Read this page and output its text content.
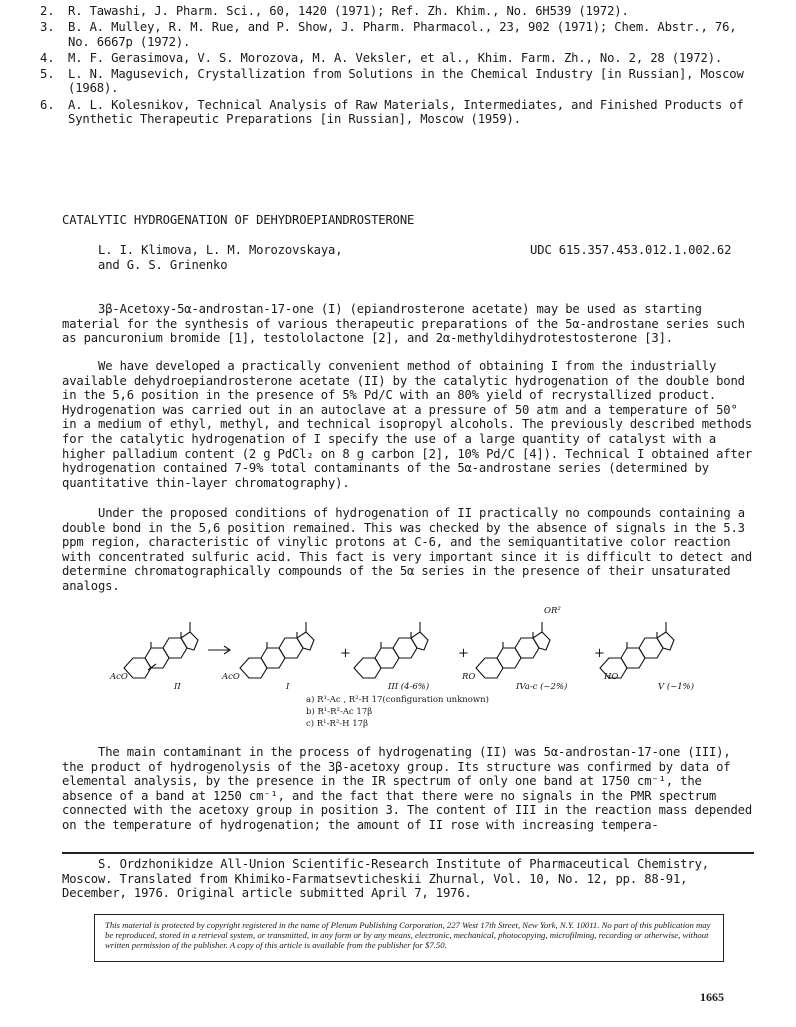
2.	R. Tawashi, J. Pharm. Sci., 60, 1420 (1971); Ref. Zh. Khim., No. 6H539 (1972).
3.	B. A. Mulley, R. M. Rue, and P. Show, J. Pharm. Pharmacol., 23, 902 (1971); Chem. Abstr., 76, No. 6667p (1972).
4.	M. F. Gerasimova, V. S. Morozova, M. A. Veksler, et al., Khim. Farm. Zh., No. 2, 28 (1972).
5.	L. N. Magusevich, Crystallization from Solutions in the Chemical Industry [in Russian], Moscow (1968).
6.	A. L. Kolesnikov, Technical Analysis of Raw Materials, Intermediates, and Finished Products of Synthetic Therapeutic Preparations [in Russian], Moscow (1959).
CATALYTIC HYDROGENATION OF DEHYDROEPIANDROSTERONE
L. I. Klimova, L. M. Morozovskaya,
and G. S. Grinenko
UDC 615.357.453.012.1.002.62

3β-Acetoxy-5α-androstan-17-one (I) (epiandrosterone acetate) may be used as starting material for the synthesis of various therapeutic preparations of the 5α-androstane series such as pancuronium bromide [1], testololactone [2], and 2α-methyldihydrotestosterone [3].

We have developed a practically convenient method of obtaining I from the industrially available dehydroepiandrosterone acetate (II) by the catalytic hydrogenation of the double bond in the 5,6 position in the presence of 5% Pd/C with an 80% yield of recrystallized product. Hydrogenation was carried out in an autoclave at a pressure of 50 atm and a temperature of 50° in a medium of ethyl, methyl, and technical isopropyl alcohols. The previously described methods for the catalytic hydrogenation of I specify the use of a large quantity of catalyst with a higher palladium content (2 g PdCl₂ on 8 g carbon [2], 10% Pd/C [4]). Technical I obtained after hydrogenation contained 7-9% total contaminants of the 5α-androstane series (determined by quantitative thin-layer chromatography).

Under the proposed conditions of hydrogenation of II practically no compounds containing a double bond in the 5,6 position remained. This was checked by the absence of signals in the 5.3 ppm region, characteristic of vinylic protons at C-6, and the semiquantitative color reaction with concentrated sulfuric acid. This fact is very important since it is difficult to detect and determine chromatographically compounds of the 5α series in the presence of their unsaturated analogs.

AcO
II
AcO
I
+
III (4-6%)
+
RO
IVa-c (~2%)
OR²
+
HO
V (~1%)
a) R¹-Ac , R²-H 17(configuration unknown)
b) R¹-R²-Ac 17β
c) R¹-R²-H 17β

The main contaminant in the process of hydrogenating (II) was 5α-androstan-17-one (III), the product of hydrogenolysis of the 3β-acetoxy group. Its structure was confirmed by data of elemental analysis, by the presence in the IR spectrum of only one band at 1750 cm⁻¹, the absence of a band at 1250 cm⁻¹, and the fact that there were no signals in the PMR spectrum connected with the acetoxy group in position 3. The content of III in the reaction mass depended on the temperature of hydrogenation; the amount of II rose with increasing tempera-

S. Ordzhonikidze All-Union Scientific-Research Institute of Pharmaceutical Chemistry, Moscow. Translated from Khimiko-Farmatsevticheskii Zhurnal, Vol. 10, No. 12, pp. 88-91, December, 1976. Original article submitted April 7, 1976.

This material is protected by copyright registered in the name of Plenum Publishing Corporation, 227 West 17th Street, New York, N.Y. 10011. No part of this publication may be reproduced, stored in a retrieval system, or transmitted, in any form or by any means, electronic, mechanical, photocopying, microfilming, recording or otherwise, without written permission of the publisher. A copy of this article is available from the publisher for $7.50.

1665
